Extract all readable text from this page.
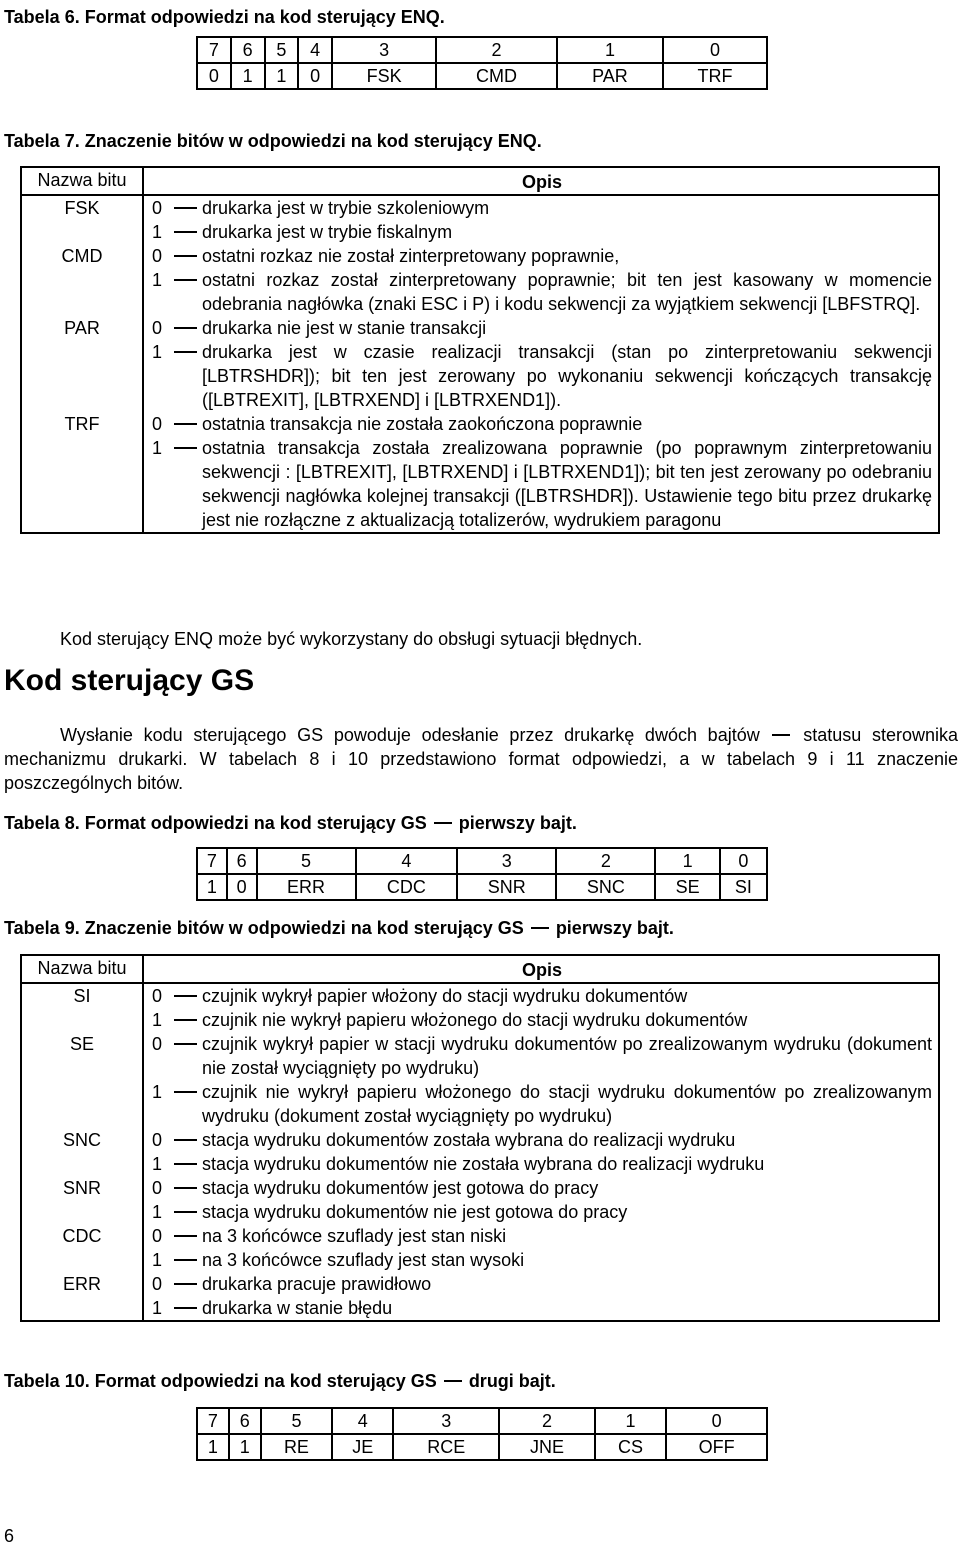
Tabela 6. Format odpowiedzi na kod sterujący ENQ.
7	6	5	4	3	2	1	0
0	1	1	0	FSK	CMD	PAR	TRF
Tabela 7. Znaczenie bitów w odpowiedzi na kod sterujący ENQ.
Nazwa bitu	Opis
FSK	0 drukarka jest w trybie szkoleniowym
1 drukarka jest w trybie fiskalnym

CMD	0 ostatni rozkaz nie został zinterpretowany poprawnie,
1 ostatni rozkaz został zinterpretowany poprawnie; bit ten jest kasowany w momencie odebrania nagłówka (znaki ESC i P) i kodu sekwencji za wyjątkiem sekwencji [LBFSTRQ].

PAR	0 drukarka nie jest w stanie transakcji
1 drukarka jest w czasie realizacji transakcji (stan po zinterpretowaniu sekwencji [LBTRSHDR]); bit ten jest zerowany po wykonaniu sekwencji kończących transakcję ([LBTREXIT], [LBTRXEND] i [LBTRXEND1]).

TRF	0 ostatnia transakcja nie została zaokończona poprawnie
1 ostatnia transakcja została zrealizowana poprawnie (po poprawnym zinterpretowaniu sekwencji : [LBTREXIT], [LBTRXEND] i [LBTRXEND1]); bit ten jest zerowany po odebraniu sekwencji nagłówka kolejnej transakcji ([LBTRSHDR]). Ustawienie tego bitu przez drukarkę jest nie rozłączne z aktualizacją totalizerów, wydrukiem paragonu
Kod sterujący ENQ może być wykorzystany do obsługi sytuacji błędnych.
Kod sterujący GS
Wysłanie kodu sterującego GS powoduje odesłanie przez drukarkę dwóch bajtów statusu sterownika mechanizmu drukarki. W tabelach 8 i 10 przedstawiono format odpowiedzi, a w tabelach 9 i 11 znaczenie poszczególnych bitów.
Tabela 8. Format odpowiedzi na kod sterujący GS pierwszy bajt.
7	6	5	4	3	2	1	0
1	0	ERR	CDC	SNR	SNC	SE	SI
Tabela 9. Znaczenie bitów w odpowiedzi na kod sterujący GS pierwszy bajt.
Nazwa bitu	Opis
SI	0 czujnik wykrył papier włożony do stacji wydruku dokumentów
1 czujnik nie wykrył papieru włożonego do stacji wydruku dokumentów

SE	0 czujnik wykrył papier w stacji wydruku dokumentów po zrealizowanym wydruku (dokument nie został wyciągnięty po wydruku)
1 czujnik nie wykrył papieru włożonego do stacji wydruku dokumentów po zrealizowanym wydruku (dokument został wyciągnięty po wydruku)

SNC	0 stacja wydruku dokumentów została wybrana do realizacji wydruku
1 stacja wydruku dokumentów nie została wybrana do realizacji wydruku

SNR	0 stacja wydruku dokumentów jest gotowa do pracy
1 stacja wydruku dokumentów nie jest gotowa do pracy

CDC	0 na 3 końcówce szuflady jest stan niski
1 na 3 końcówce szuflady jest stan wysoki

ERR	0 drukarka pracuje prawidłowo
1 drukarka w stanie błędu
Tabela 10. Format odpowiedzi na kod sterujący GS drugi bajt.
7	6	5	4	3	2	1	0
1	1	RE	JE	RCE	JNE	CS	OFF
6
